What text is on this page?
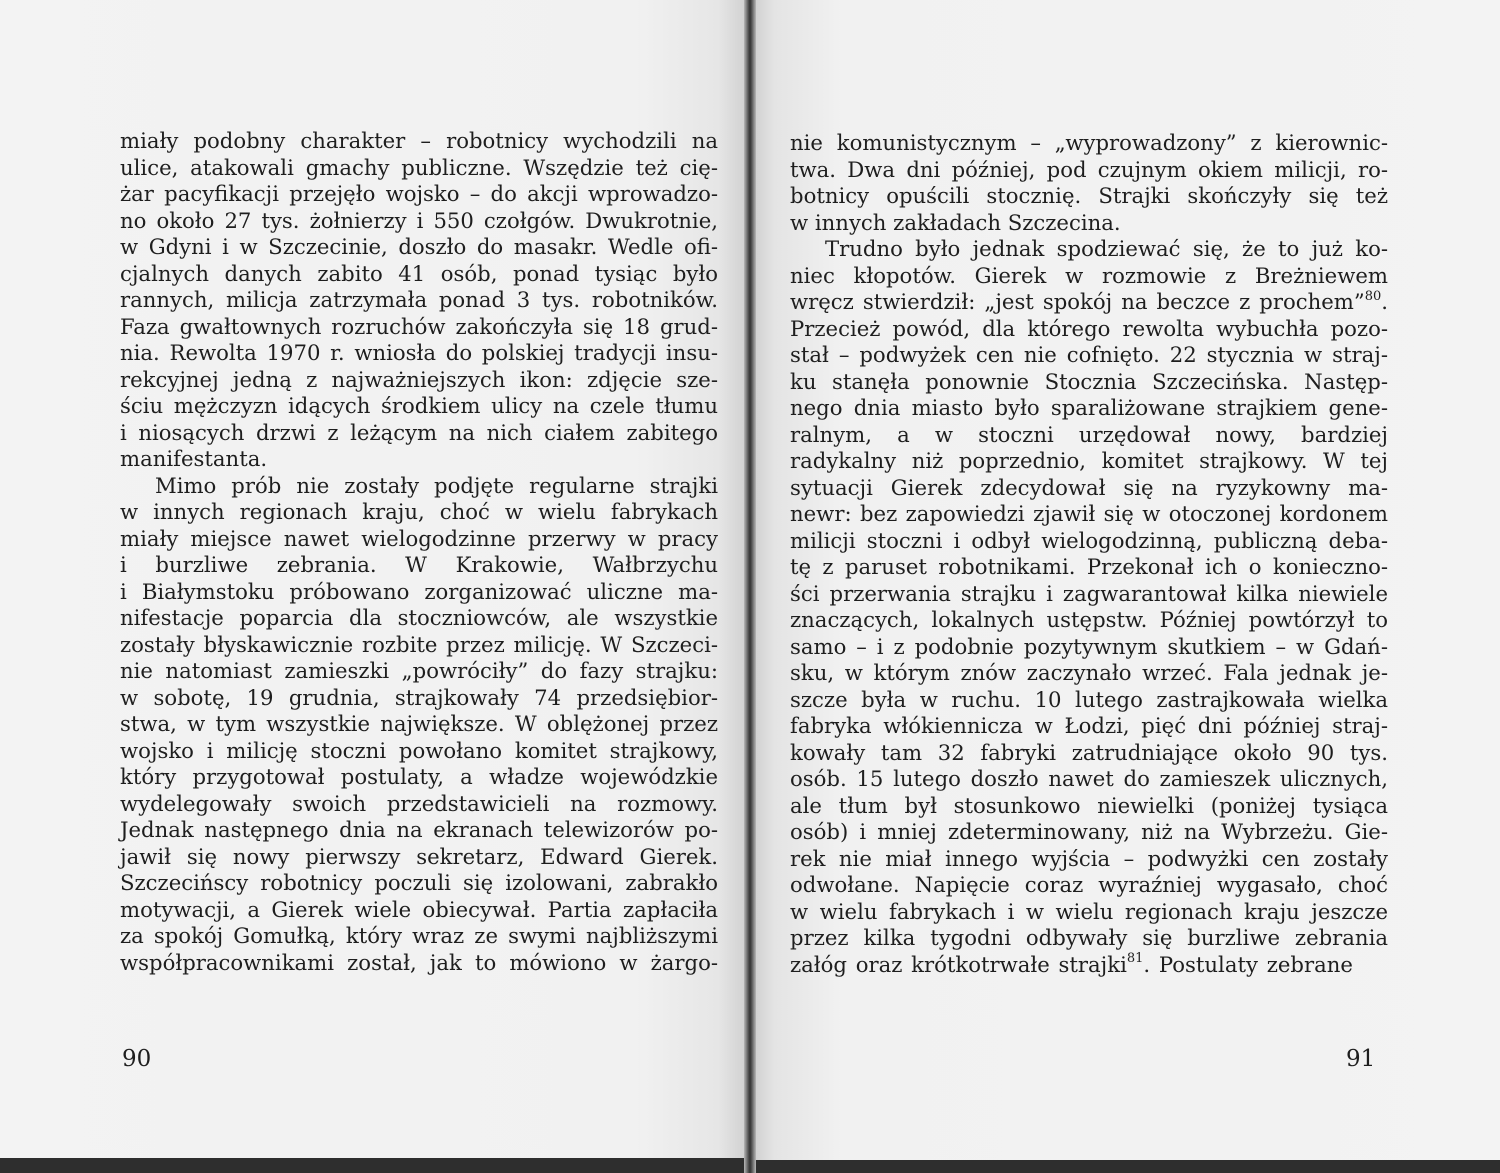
miały podobny charakter – robotnicy wychodzili na
ulice, atakowali gmachy publiczne. Wszędzie też cię-
żar pacyfikacji przejęło wojsko – do akcji wprowadzo-
no około 27 tys. żołnierzy i 550 czołgów. Dwukrotnie,
w Gdyni i w Szczecinie, doszło do masakr. Wedle ofi-
cjalnych danych zabito 41 osób, ponad tysiąc było
rannych, milicja zatrzymała ponad 3 tys. robotników.
Faza gwałtownych rozruchów zakończyła się 18 grud-
nia. Rewolta 1970 r. wniosła do polskiej tradycji insu-
rekcyjnej jedną z najważniejszych ikon: zdjęcie sze-
ściu mężczyzn idących środkiem ulicy na czele tłumu
i niosących drzwi z leżącym na nich ciałem zabitego
manifestanta.
Mimo prób nie zostały podjęte regularne strajki
w innych regionach kraju, choć w wielu fabrykach
miały miejsce nawet wielogodzinne przerwy w pracy
i burzliwe zebrania. W Krakowie, Wałbrzychu
i Białymstoku próbowano zorganizować uliczne ma-
nifestacje poparcia dla stoczniowców, ale wszystkie
zostały błyskawicznie rozbite przez milicję. W Szczeci-
nie natomiast zamieszki „powróciły” do fazy strajku:
w sobotę, 19 grudnia, strajkowały 74 przedsiębior-
stwa, w tym wszystkie największe. W oblężonej przez
wojsko i milicję stoczni powołano komitet strajkowy,
który przygotował postulaty, a władze wojewódzkie
wydelegowały swoich przedstawicieli na rozmowy.
Jednak następnego dnia na ekranach telewizorów po-
jawił się nowy pierwszy sekretarz, Edward Gierek.
Szczecińscy robotnicy poczuli się izolowani, zabrakło
motywacji, a Gierek wiele obiecywał. Partia zapłaciła
za spokój Gomułką, który wraz ze swymi najbliższymi
współpracownikami został, jak to mówiono w żargo-
90
nie komunistycznym – „wyprowadzony” z kierownic-
twa. Dwa dni później, pod czujnym okiem milicji, ro-
botnicy opuścili stocznię. Strajki skończyły się też
w innych zakładach Szczecina.
Trudno było jednak spodziewać się, że to już ko-
niec kłopotów. Gierek w rozmowie z Breżniewem
wręcz stwierdził: „jest spokój na beczce z prochem”$^{80}$.
Przecież powód, dla którego rewolta wybuchła pozo-
stał – podwyżek cen nie cofnięto. 22 stycznia w straj-
ku stanęła ponownie Stocznia Szczecińska. Następ-
nego dnia miasto było sparaliżowane strajkiem gene-
ralnym, a w stoczni urzędował nowy, bardziej
radykalny niż poprzednio, komitet strajkowy. W tej
sytuacji Gierek zdecydował się na ryzykowny ma-
newr: bez zapowiedzi zjawił się w otoczonej kordonem
milicji stoczni i odbył wielogodzinną, publiczną deba-
tę z paruset robotnikami. Przekonał ich o konieczno-
ści przerwania strajku i zagwarantował kilka niewiele
znaczących, lokalnych ustępstw. Później powtórzył to
samo – i z podobnie pozytywnym skutkiem – w Gdań-
sku, w którym znów zaczynało wrzeć. Fala jednak je-
szcze była w ruchu. 10 lutego zastrajkowała wielka
fabryka włókiennicza w Łodzi, pięć dni później straj-
kowały tam 32 fabryki zatrudniające około 90 tys.
osób. 15 lutego doszło nawet do zamieszek ulicznych,
ale tłum był stosunkowo niewielki (poniżej tysiąca
osób) i mniej zdeterminowany, niż na Wybrzeżu. Gie-
rek nie miał innego wyjścia – podwyżki cen zostały
odwołane. Napięcie coraz wyraźniej wygasało, choć
w wielu fabrykach i w wielu regionach kraju jeszcze
przez kilka tygodni odbywały się burzliwe zebrania
załóg oraz krótkotrwałe strajki$^{81}$. Postulaty zebrane
91
